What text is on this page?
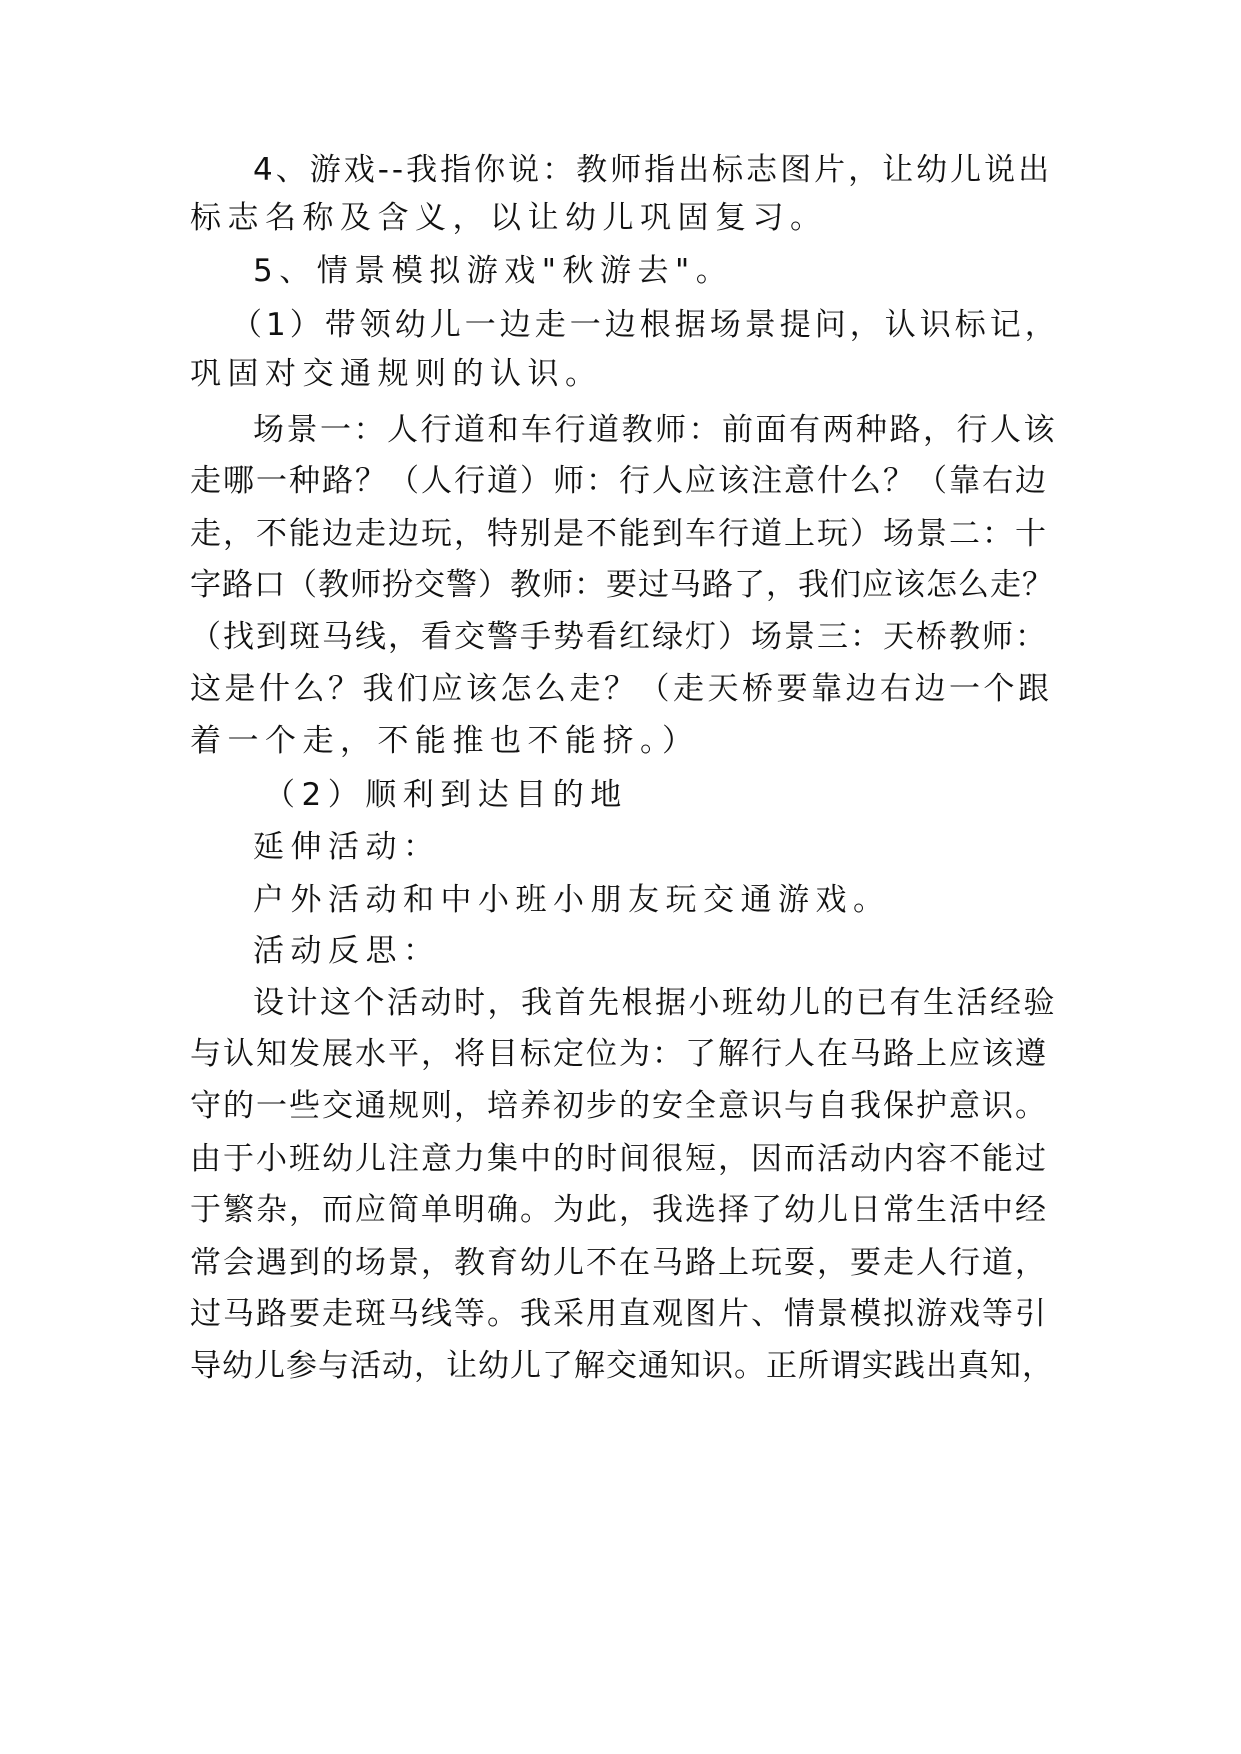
4、游戏--我指你说：教师指出标志图片，让幼儿说出

标志名称及含义，以让幼儿巩固复习。

5、情景模拟游戏"秋游去"。

（1）带领幼儿一边走一边根据场景提问，认识标记，

巩固对交通规则的认识。

场景一：人行道和车行道教师：前面有两种路，行人该

走哪一种路？（人行道）师：行人应该注意什么？（靠右边

走，不能边走边玩，特别是不能到车行道上玩）场景二：十

字路口（教师扮交警）教师：要过马路了，我们应该怎么走？

（找到斑马线，看交警手势看红绿灯）场景三：天桥教师：

这是什么？我们应该怎么走？（走天桥要靠边右边一个跟

着一个走，不能推也不能挤。）

（2）顺利到达目的地

延伸活动：

户外活动和中小班小朋友玩交通游戏。

活动反思：

设计这个活动时，我首先根据小班幼儿的已有生活经验

与认知发展水平，将目标定位为：了解行人在马路上应该遵

守的一些交通规则，培养初步的安全意识与自我保护意识。

由于小班幼儿注意力集中的时间很短，因而活动内容不能过

于繁杂，而应简单明确。为此，我选择了幼儿日常生活中经

常会遇到的场景，教育幼儿不在马路上玩耍，要走人行道，

过马路要走斑马线等。我采用直观图片、情景模拟游戏等引

导幼儿参与活动，让幼儿了解交通知识。正所谓实践出真知，
